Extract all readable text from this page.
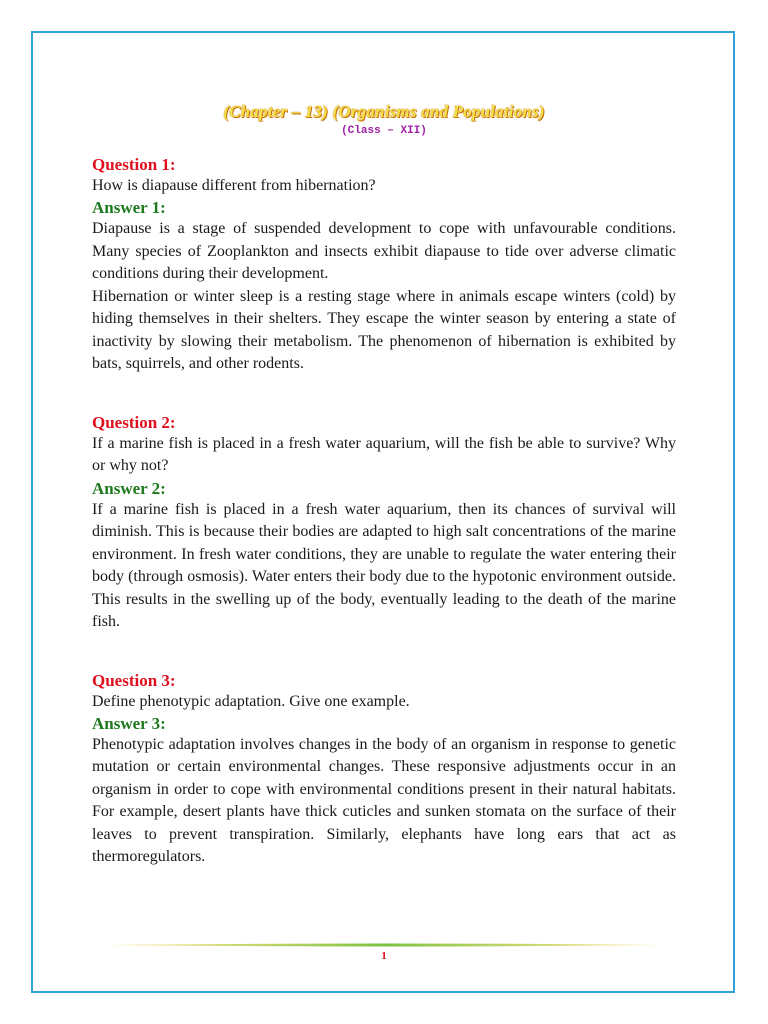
(Chapter – 13) (Organisms and Populations)
(Class – XII)
Question 1:
How is diapause different from hibernation?
Answer 1:

Diapause is a stage of suspended development to cope with unfavourable conditions. Many species of Zooplankton and insects exhibit diapause to tide over adverse climatic conditions during their development.

Hibernation or winter sleep is a resting stage where in animals escape winters (cold) by hiding themselves in their shelters. They escape the winter season by entering a state of inactivity by slowing their metabolism. The phenomenon of hibernation is exhibited by bats, squirrels, and other rodents.

Question 2:
If a marine fish is placed in a fresh water aquarium, will the fish be able to survive? Why or why not?
Answer 2:

If a marine fish is placed in a fresh water aquarium, then its chances of survival will diminish. This is because their bodies are adapted to high salt concentrations of the marine environment. In fresh water conditions, they are unable to regulate the water entering their body (through osmosis). Water enters their body due to the hypotonic environment outside. This results in the swelling up of the body, eventually leading to the death of the marine fish.

Question 3:
Define phenotypic adaptation. Give one example.
Answer 3:

Phenotypic adaptation involves changes in the body of an organism in response to genetic mutation or certain environmental changes. These responsive adjustments occur in an organism in order to cope with environmental conditions present in their natural habitats. For example, desert plants have thick cuticles and sunken stomata on the surface of their leaves to prevent transpiration. Similarly, elephants have long ears that act as thermoregulators.

1
